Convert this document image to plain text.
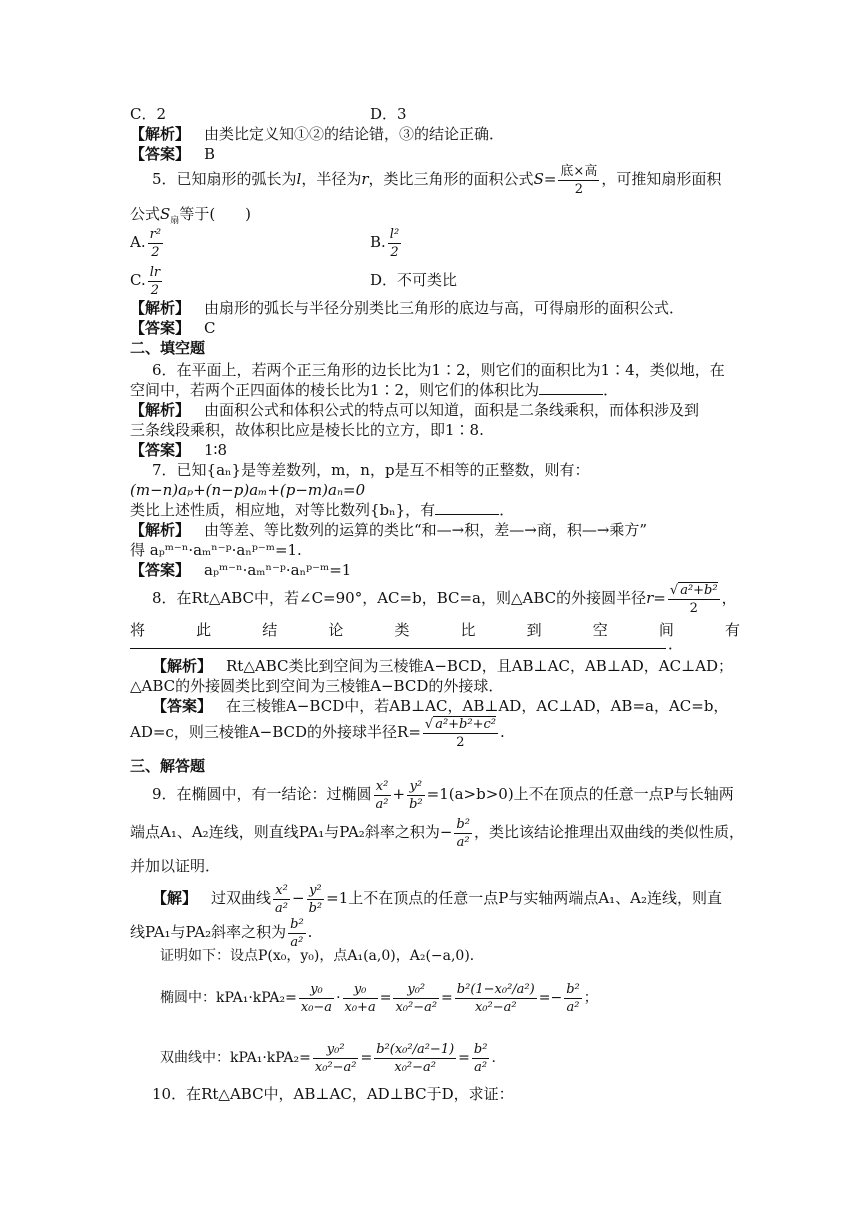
C．2	D．3
【解析】 由类比定义知①②的结论错，③的结论正确．
【答案】 B
5．已知扇形的弧长为l，半径为r，类比三角形的面积公式$S= \frac{\text{底×高}}{2}$ ，可推知扇形面积
公式$S_扇$等于(　　)
A. $\frac{\text{r²}}{2}$	B. $\frac{\text{l²}}{2}$
C. $\frac{lr}{2}$	D．不可类比
【解析】 由扇形的弧长与半径分别类比三角形的底边与高，可得扇形的面积公式．
【答案】 C
二、填空题
6．在平面上，若两个正三角形的边长比为1∶2，则它们的面积比为1∶4，类似地，在
空间中，若两个正四面体的棱长比为1∶2，则它们的体积比为	．
【解析】 由面积公式和体积公式的特点可以知道，面积是二条线乘积，而体积涉及到
三条线段乘积，故体积比应是棱长比的立方，即1∶8.
【答案】 1∶8
7．已知{aₙ}是等差数列，m，n，p是互不相等的正整数，则有：
(m−n)aₚ+(n−p)aₘ+(p−m)aₙ=0
类比上述性质，相应地，对等比数列{bₙ}，有	．
【解析】 由等差、等比数列的运算的类比“和—→积，差—→商，积—→乘方”
得 aₚᵐ⁻ⁿ·aₘⁿ⁻ᵖ·aₙᵖ⁻ᵐ=1.
【答案】 aₚᵐ⁻ⁿ·aₘⁿ⁻ᵖ·aₙᵖ⁻ᵐ=1
8．在Rt△ABC中，若∠C=90°，AC=b，BC=a，则△ABC的外接圆半径$r= \frac{\text{√ a²+b²}}{2}$ ，
将	此	结	论	类	比	到	空	间	有
．
【解析】 Rt△ABC类比到空间为三棱锥A−BCD，且AB⊥AC，AB⊥AD，AC⊥AD；
△ABC的外接圆类比到空间为三棱锥A−BCD的外接球．
【答案】 在三棱锥A−BCD中，若AB⊥AC，AB⊥AD，AC⊥AD，AB=a，AC=b，
AD=c，则三棱锥A−BCD的外接球半径$R= \frac{\text{√ a²+b²+c²}}{2}$ .
三、解答题
9．在椭圆中，有一结论：过椭圆 $\frac{\text{x²}}{\text{a²}} + \frac{\text{y²}}{\text{b²}} =1(a>b>0)$上不在顶点的任意一点P与长轴两
端点A₁、A₂连线，则直线PA₁与PA₂斜率之积为− $\frac{\text{b²}}{\text{a²}}$ ，类比该结论推理出双曲线的类似性质，
并加以证明．
【解】 过双曲线 $\frac{\text{x²}}{\text{a²}} - \frac{\text{y²}}{\text{b²}} =1$上不在顶点的任意一点P与实轴两端点A₁、A₂连线，则直
线PA₁与PA₂斜率之积为 $\frac{\text{b²}}{\text{a²}}$ .
证明如下：设点P(x₀，y₀)，点A₁(a,0)，A₂(−a,0)．
椭圆中：$kPA_1\cdot kPA_2= \frac{\text{y₀}}{\text{x₀−a}} \cdot \frac{\text{y₀}}{\text{x₀+a}} = \frac{\text{y₀²}}{\text{x₀²−a²}} = \frac{\text{b²(1−x₀²/a²)}}{\text{x₀²−a²}} =- \frac{\text{b²}}{\text{a²}}$ ；
双曲线中：$kPA_1\cdot kPA_2= \frac{\text{y₀²}}{\text{x₀²−a²}} = \frac{\text{b²(x₀²/a²−1)}}{\text{x₀²−a²}} = \frac{\text{b²}}{\text{a²}}$ .
10．在Rt△ABC中，AB⊥AC，AD⊥BC于D，求证：
